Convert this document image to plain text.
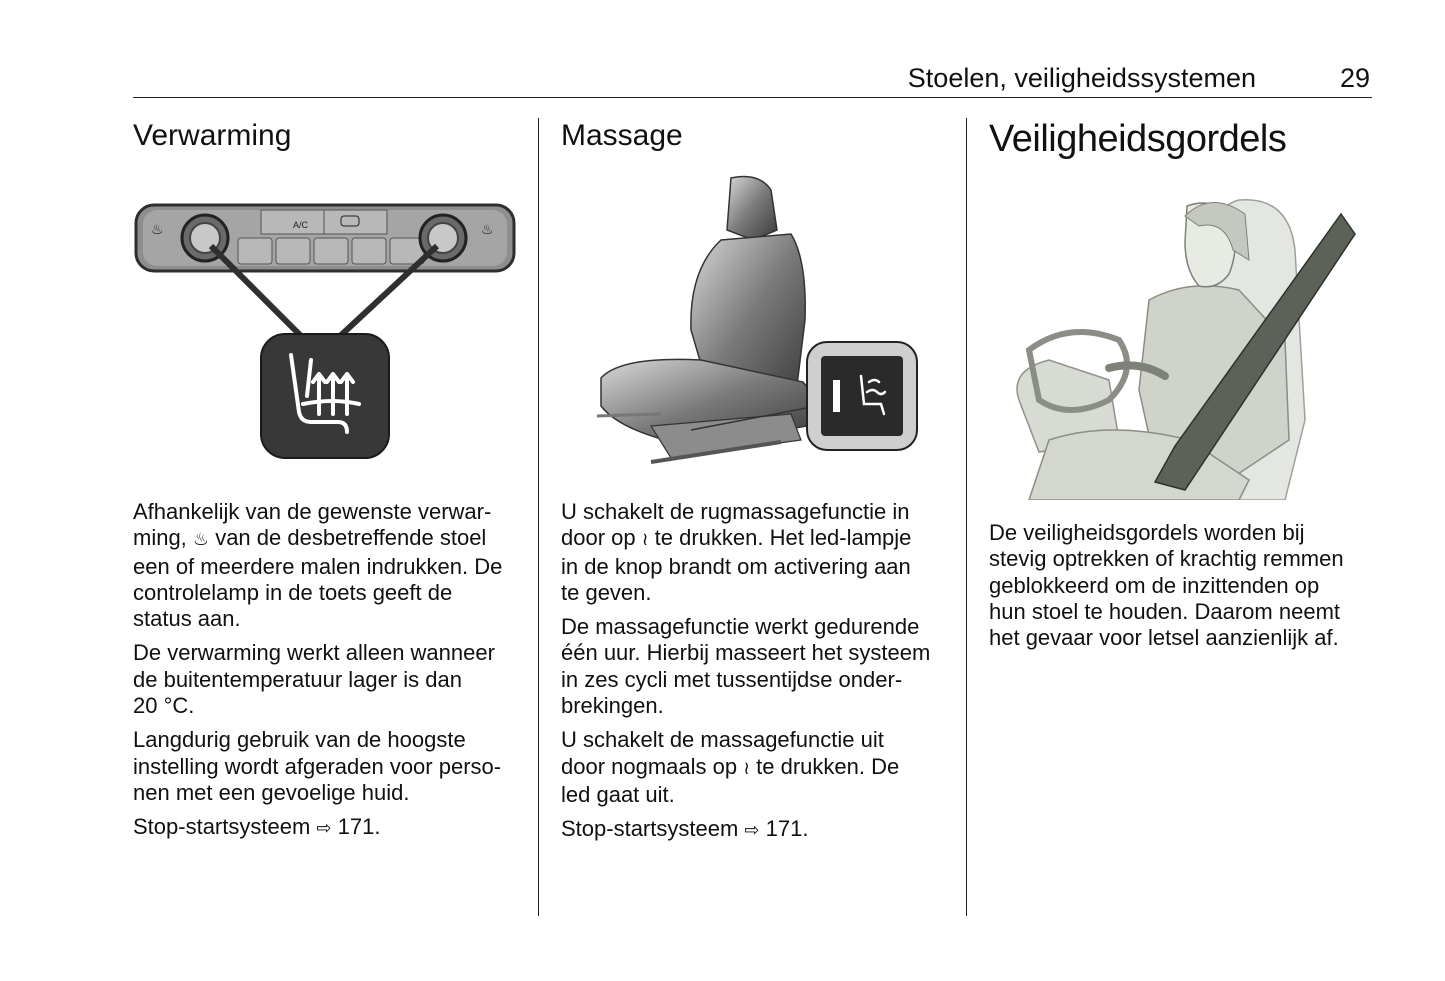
Stoelen, veiligheidssystemen	29
Verwarming
A/C
♨	♨

Afhankelijk van de gewenste verwar-
ming, ♨ van de desbetreffende stoel
een of meerdere malen indrukken. De
controlelamp in de toets geeft de
status aan.

De verwarming werkt alleen wanneer
de buitentemperatuur lager is dan
20 °C.

Langdurig gebruik van de hoogste
instelling wordt afgeraden voor perso-
nen met een gevoelige huid.

Stop-startsysteem ⇨ 171.

Massage

U schakelt de rugmassagefunctie in
door op ≀ te drukken. Het led-lampje
in de knop brandt om activering aan
te geven.

De massagefunctie werkt gedurende
één uur. Hierbij masseert het systeem
in zes cycli met tussentijdse onder-
brekingen.

U schakelt de massagefunctie uit
door nogmaals op ≀ te drukken. De
led gaat uit.

Stop-startsysteem ⇨ 171.

Veiligheidsgordels

De veiligheidsgordels worden bij
stevig optrekken of krachtig remmen
geblokkeerd om de inzittenden op
hun stoel te houden. Daarom neemt
het gevaar voor letsel aanzienlijk af.
